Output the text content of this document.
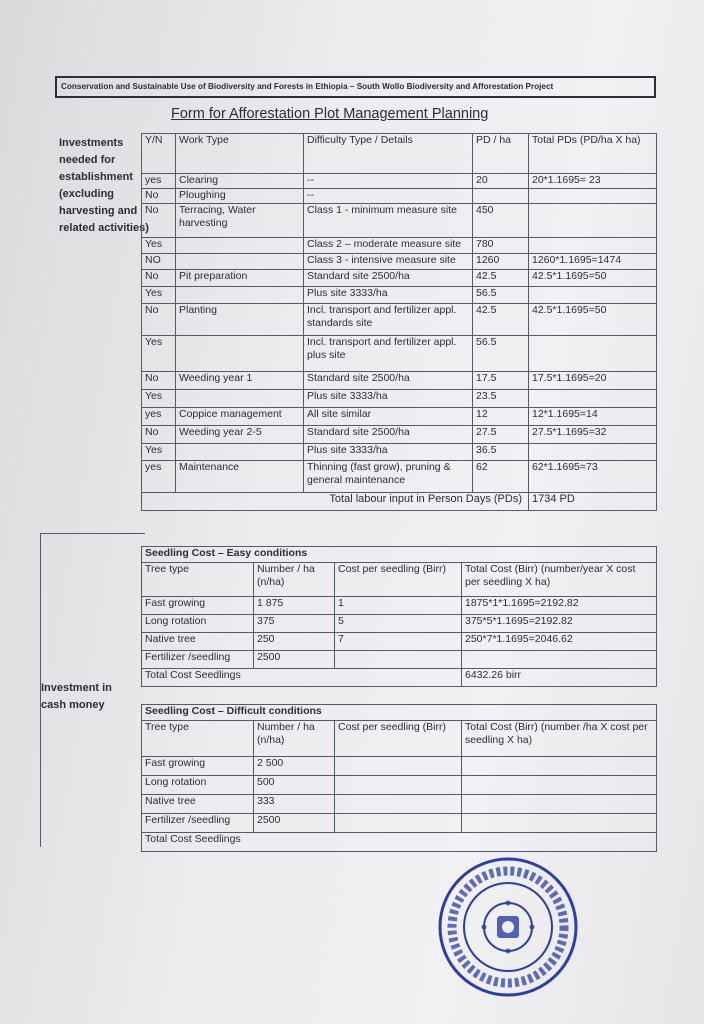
Conservation and Sustainable Use of Biodiversity and Forests in Ethiopia – South Wollo Biodiversity and Afforestation Project
Form for Afforestation Plot Management Planning
Investments needed for establishment (excluding harvesting and related activities)
Y/N	Work Type	Difficulty Type / Details	PD / ha	Total PDs (PD/ha X ha)
yes	Clearing	--	20	20*1.1695= 23
No	Ploughing	--		
No	Terracing, Water harvesting	Class 1 - minimum measure site	450	
Yes		Class 2 – moderate measure site	780	
NO		Class 3 - intensive measure site	1260	1260*1.1695=1474
No	Pit preparation	Standard site 2500/ha	42.5	42.5*1.1695=50
Yes		Plus site 3333/ha	56.5	
No	Planting	Incl. transport and fertilizer appl. standards site	42.5	42.5*1.1695=50
Yes		Incl. transport and fertilizer appl. plus site	56.5	
No	Weeding year 1	Standard site 2500/ha	17.5	17.5*1.1695=20
Yes		Plus site 3333/ha	23.5	
yes	Coppice management	All site similar	12	12*1.1695=14
No	Weeding year 2-5	Standard site 2500/ha	27.5	27.5*1.1695=32
Yes		Plus site 3333/ha	36.5	
yes	Maintenance	Thinning (fast grow), pruning & general maintenance	62	62*1.1695=73
Total labour input in Person Days (PDs)				1734 PD
Investment in cash money
Seedling Cost – Easy conditions			
Tree type	Number / ha (n/ha)	Cost per seedling (Birr)	Total Cost (Birr) (number/year X cost per seedling X ha)
Fast growing	1 875	1	1875*1*1.1695=2192.82
Long rotation	375	5	375*5*1.1695=2192.82
Native tree	250	7	250*7*1.1695=2046.62
Fertilizer /seedling	2500		
Total Cost Seedlings			6432.26 birr
Seedling Cost – Difficult conditions			
Tree type	Number / ha (n/ha)	Cost per seedling (Birr)	Total Cost (Birr) (number /ha X cost per seedling X ha)
Fast growing	2 500		
Long rotation	500		
Native tree	333		
Fertilizer /seedling	2500		
Total Cost Seedlings			
